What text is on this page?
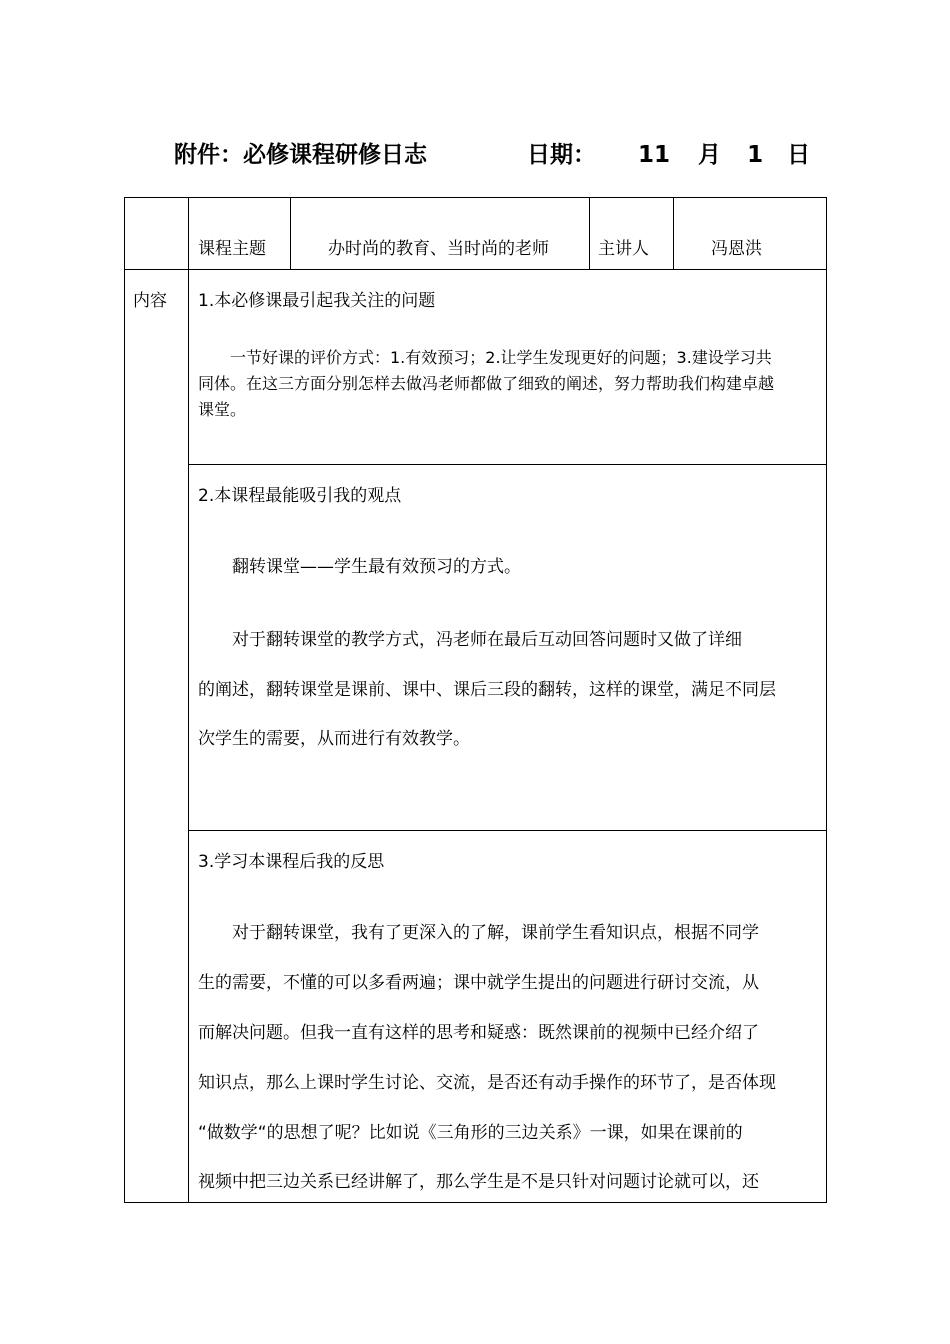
附件：必修课程研修日志	日期： 11 月 1 日
课程主题	办时尚的教育、当时尚的老师	主讲人	冯恩洪
内容 1.本必修课最引起我关注的问题
　　一节好课的评价方式：1.有效预习；2.让学生发现更好的问题；3.建设学习共
同体。在这三方面分别怎样去做冯老师都做了细致的阐述，努力帮助我们构建卓越
课堂。
2.本课程最能吸引我的观点
　　翻转课堂——学生最有效预习的方式。
　　对于翻转课堂的教学方式，冯老师在最后互动回答问题时又做了详细
的阐述，翻转课堂是课前、课中、课后三段的翻转，这样的课堂，满足不同层
次学生的需要，从而进行有效教学。
3.学习本课程后我的反思
　　对于翻转课堂，我有了更深入的了解，课前学生看知识点，根据不同学
生的需要，不懂的可以多看两遍；课中就学生提出的问题进行研讨交流，从
而解决问题。但我一直有这样的思考和疑惑：既然课前的视频中已经介绍了
知识点，那么上课时学生讨论、交流，是否还有动手操作的环节了，是否体现
“做数学“的思想了呢？比如说《三角形的三边关系》一课，如果在课前的
视频中把三边关系已经讲解了，那么学生是不是只针对问题讨论就可以，还
